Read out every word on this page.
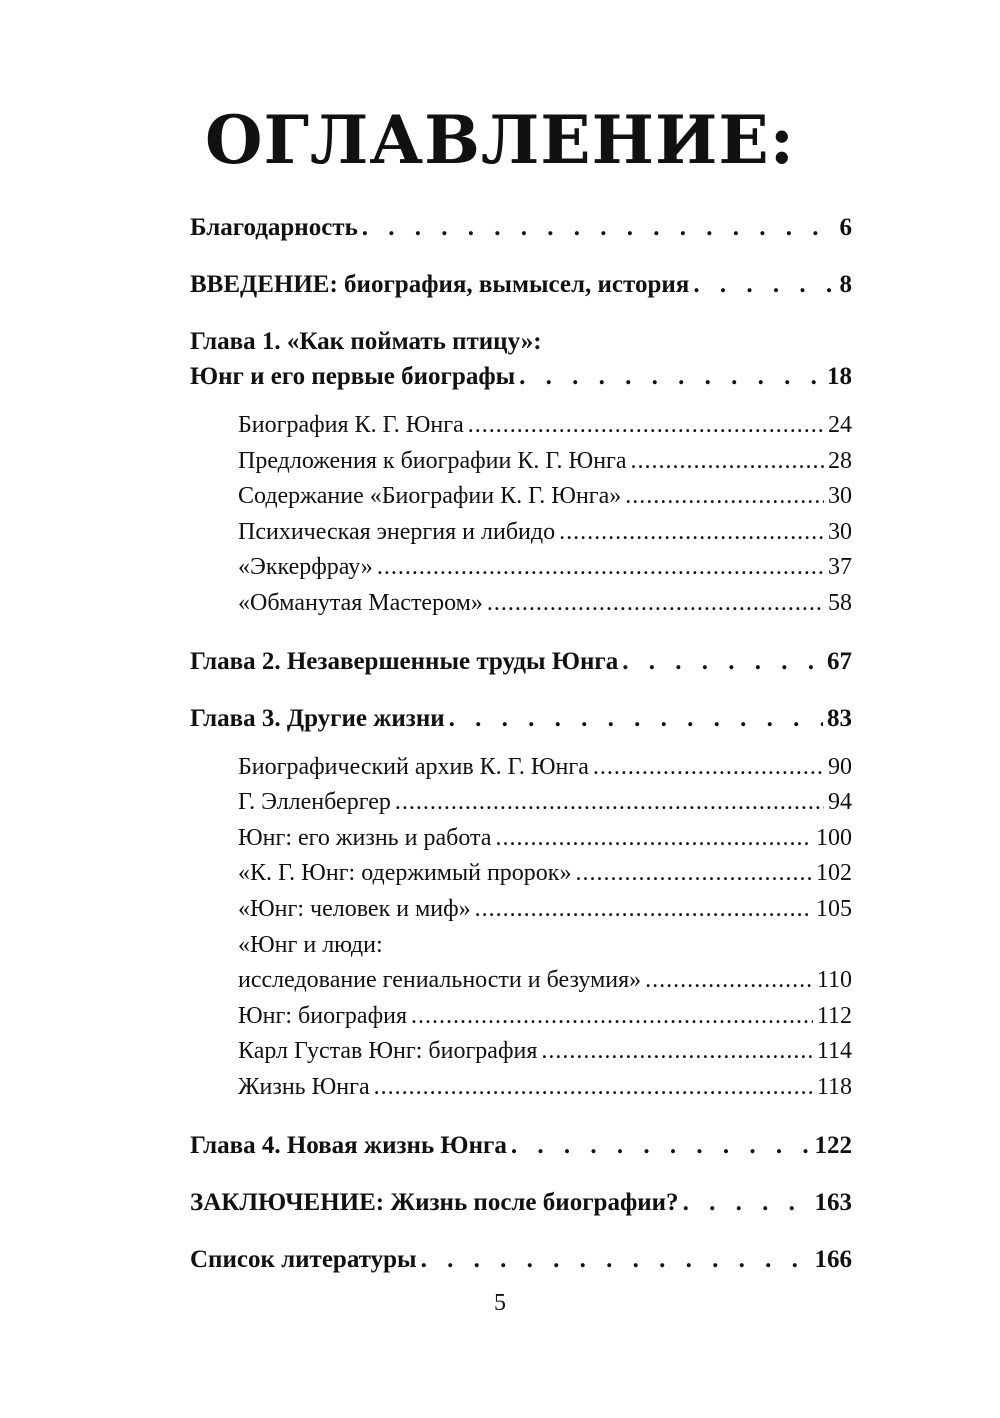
ОГЛАВЛЕНИЕ:
Благодарность . . .	6
ВВЕДЕНИЕ: биография, вымысел, история . . .	8
Глава 1. «Как поймать птицу»:
Юнг и его первые биографы . . .	18
Биография К. Г. Юнга .....	24
Предложения к биографии К. Г. Юнга .....	28
Содержание «Биографии К. Г. Юнга» .....	30
Психическая энергия и либидо .....	30
«Эккерфрау» .....	37
«Обманутая Мастером» .....	58
Глава 2. Незавершенные труды Юнга . . .	67
Глава 3. Другие жизни . . .	83
Биографический архив К. Г. Юнга .....	90
Г. Элленбергер .....	94
Юнг: его жизнь и работа .....	100
«К. Г. Юнг: одержимый пророк» .....	102
«Юнг: человек и миф» .....	105
«Юнг и люди:
исследование гениальности и безумия» .....	110
Юнг: биография .....	112
Карл Густав Юнг: биография .....	114
Жизнь Юнга .....	118
Глава 4. Новая жизнь Юнга . . .	122
ЗАКЛЮЧЕНИЕ: Жизнь после биографии? . . .	163
Список литературы . . .	166
5
